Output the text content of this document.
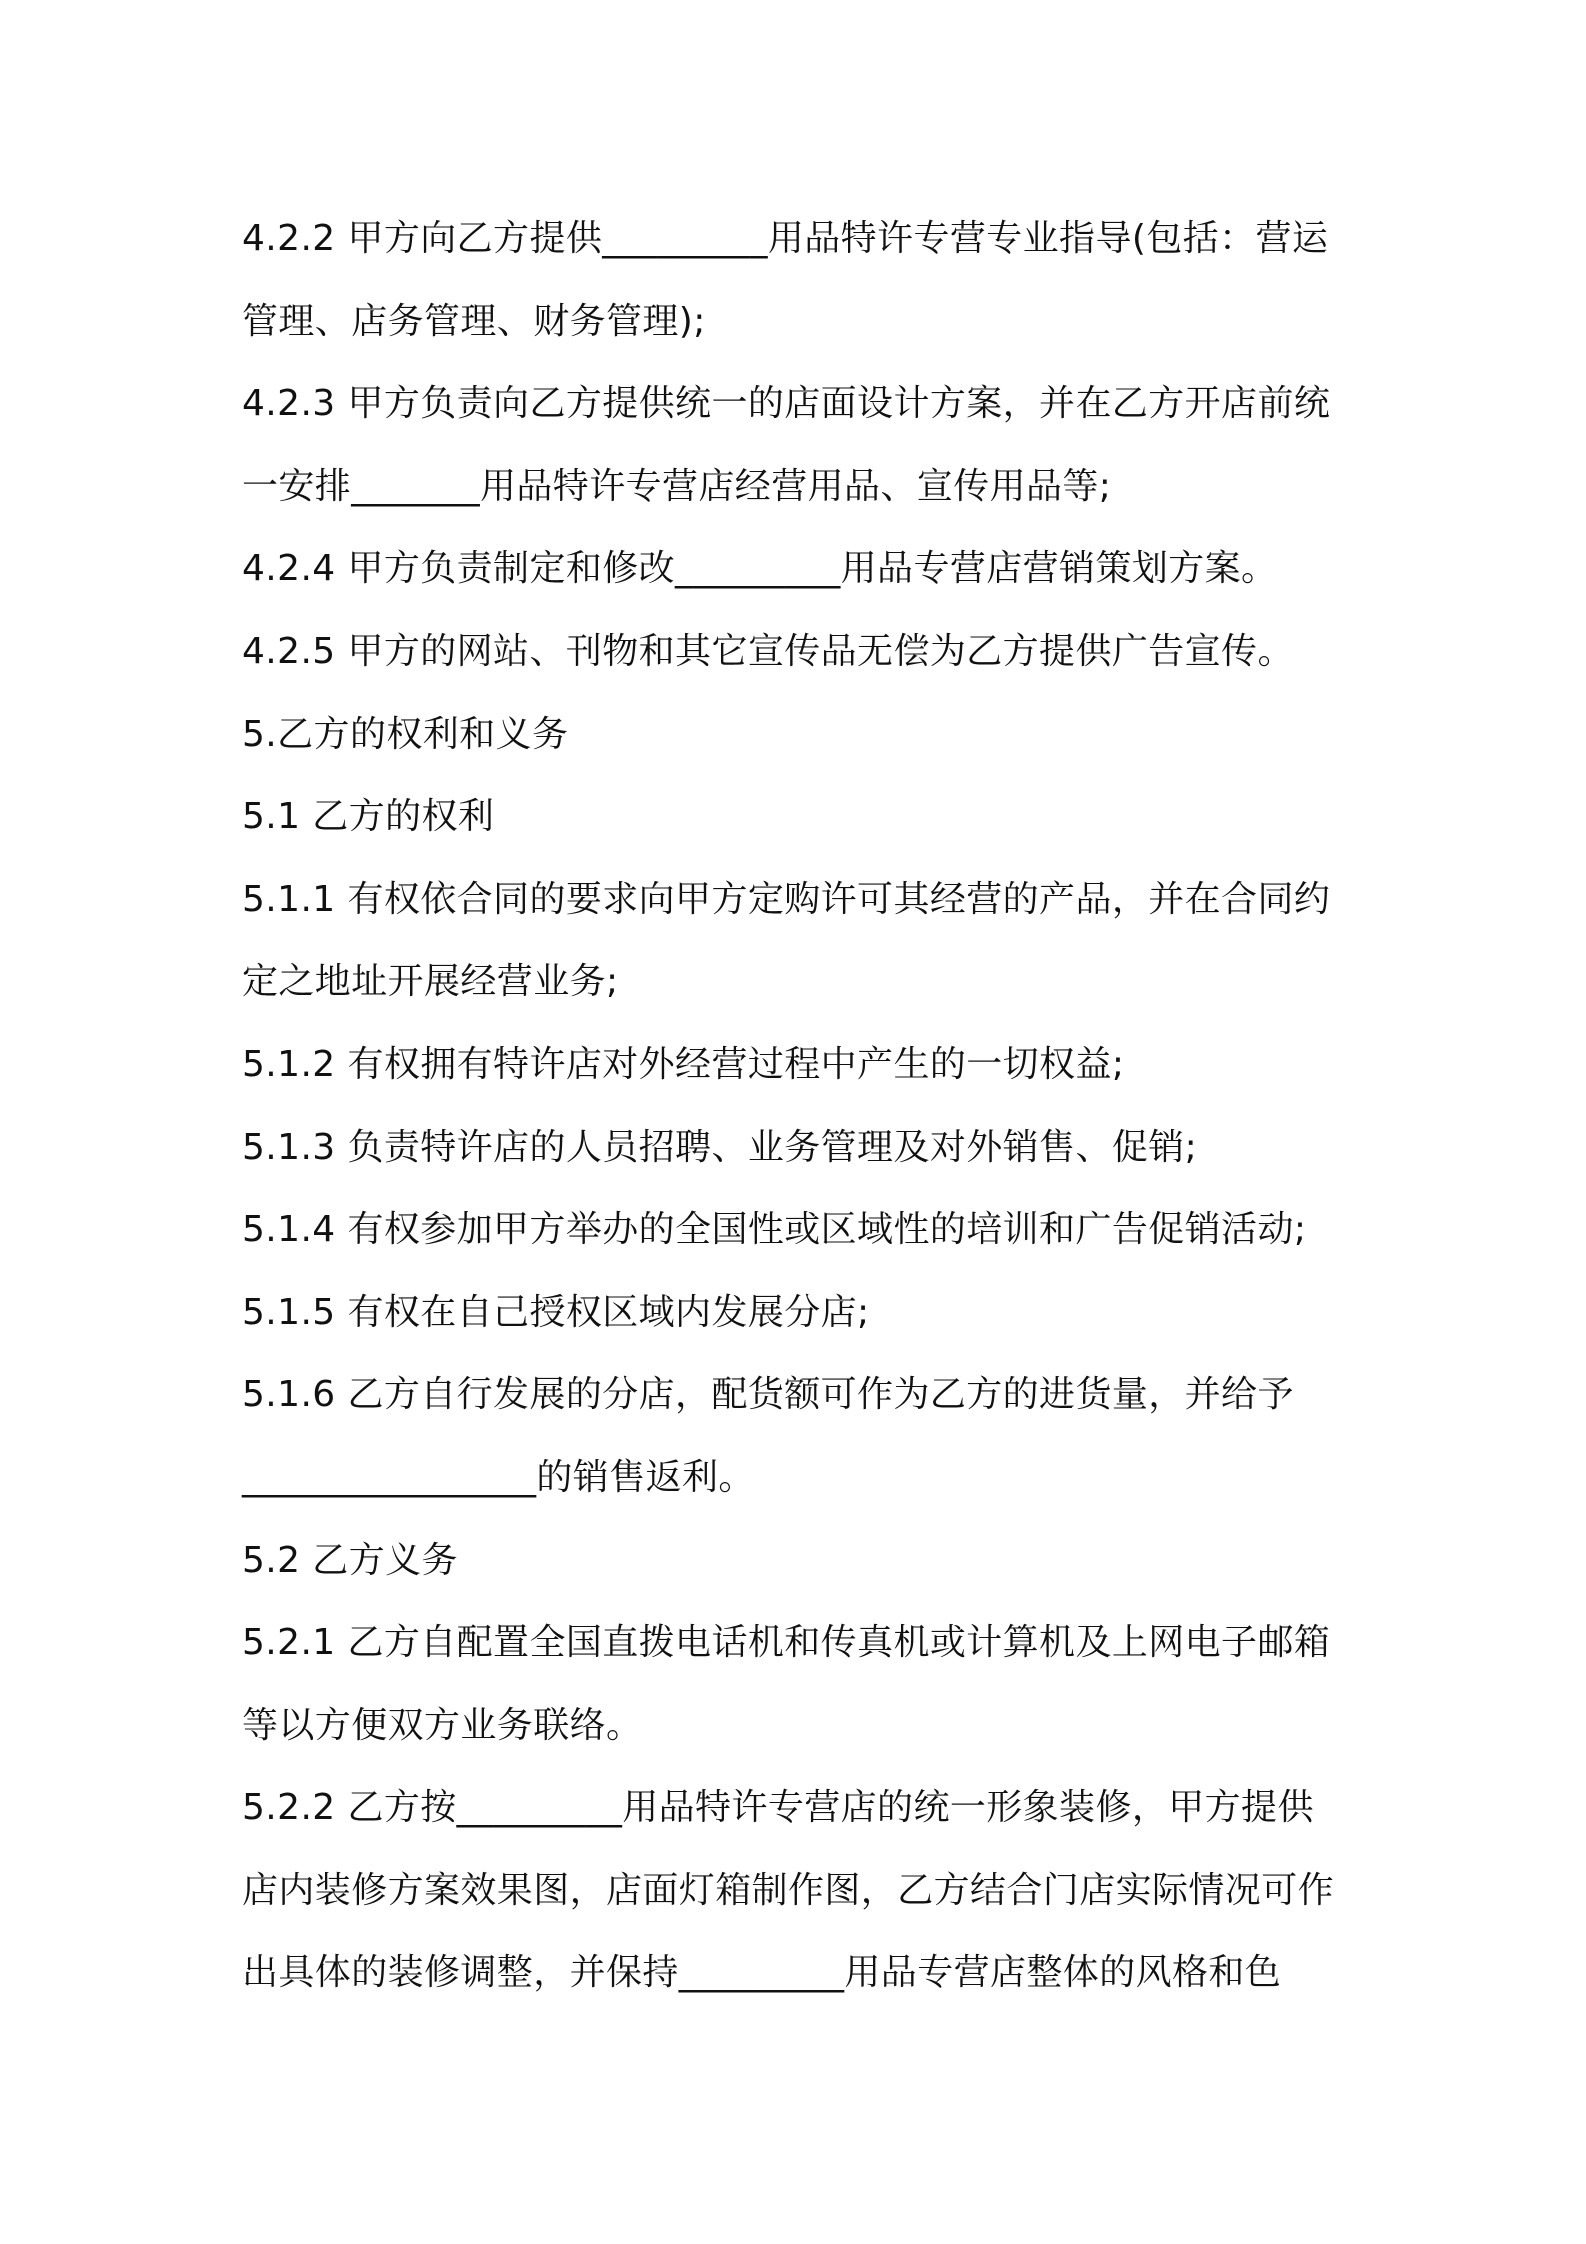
4.2.2 甲方向乙方提供_________用品特许专营专业指导(包括：营运
管理、店务管理、财务管理);
4.2.3 甲方负责向乙方提供统一的店面设计方案，并在乙方开店前统
一安排_______用品特许专营店经营用品、宣传用品等;
4.2.4 甲方负责制定和修改_________用品专营店营销策划方案。
4.2.5 甲方的网站、刊物和其它宣传品无偿为乙方提供广告宣传。
5.乙方的权利和义务
5.1 乙方的权利
5.1.1 有权依合同的要求向甲方定购许可其经营的产品，并在合同约
定之地址开展经营业务;
5.1.2 有权拥有特许店对外经营过程中产生的一切权益;
5.1.3 负责特许店的人员招聘、业务管理及对外销售、促销;
5.1.4 有权参加甲方举办的全国性或区域性的培训和广告促销活动;
5.1.5 有权在自己授权区域内发展分店;
5.1.6 乙方自行发展的分店，配货额可作为乙方的进货量，并给予
________________的销售返利。
5.2 乙方义务
5.2.1 乙方自配置全国直拨电话机和传真机或计算机及上网电子邮箱
等以方便双方业务联络。
5.2.2 乙方按_________用品特许专营店的统一形象装修，甲方提供
店内装修方案效果图，店面灯箱制作图，乙方结合门店实际情况可作
出具体的装修调整，并保持_________用品专营店整体的风格和色
